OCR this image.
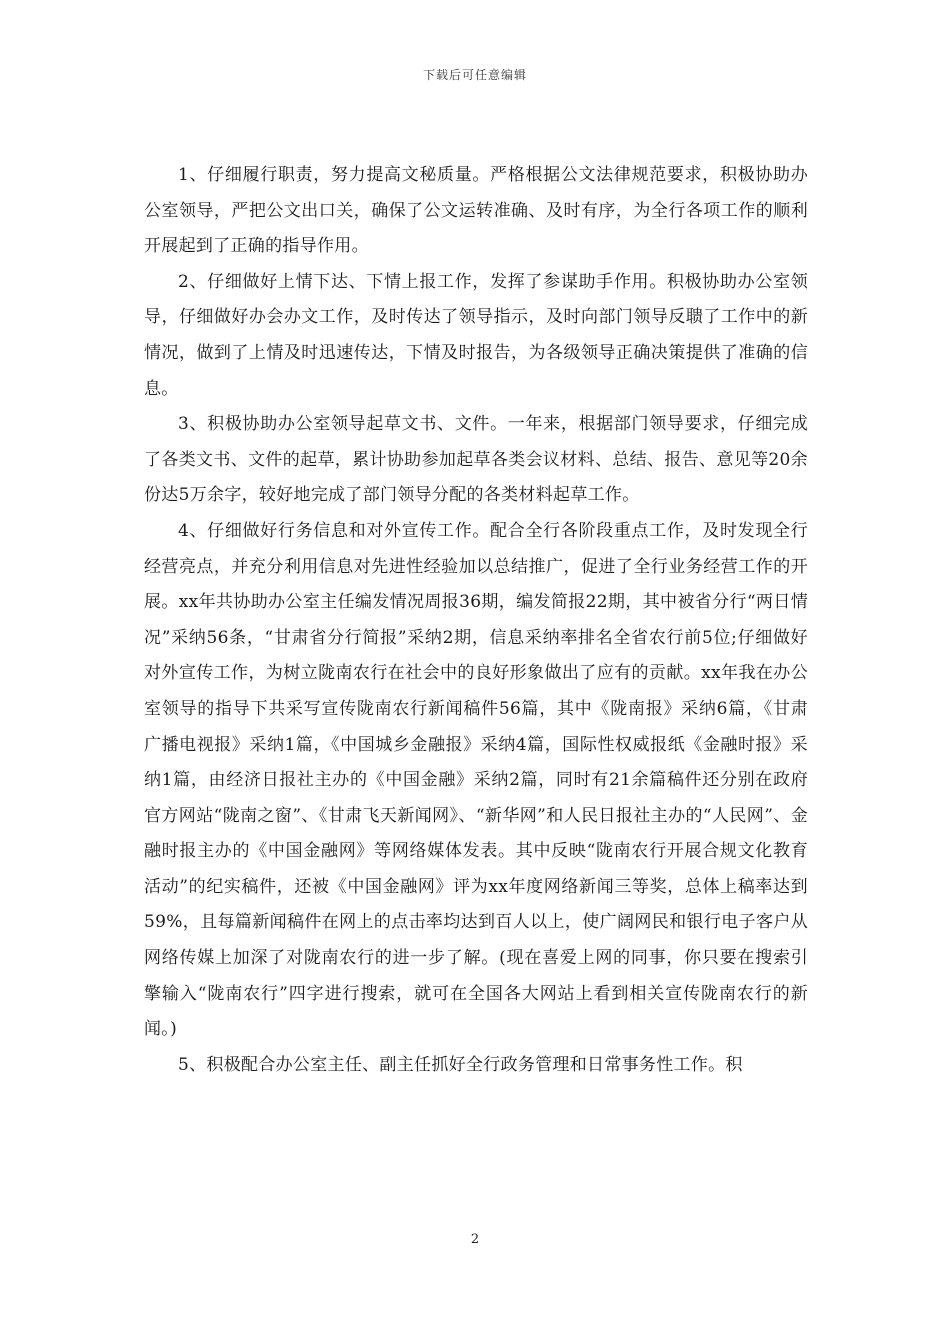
下载后可任意编辑

1、仔细履行职责，努力提高文秘质量。严格根据公文法律规范要求，积极协助办公室领导，严把公文出口关，确保了公文运转准确、及时有序，为全行各项工作的顺利开展起到了正确的指导作用。

2、仔细做好上情下达、下情上报工作，发挥了参谋助手作用。积极协助办公室领导，仔细做好办会办文工作，及时传达了领导指示，及时向部门领导反聩了工作中的新情况，做到了上情及时迅速传达，下情及时报告，为各级领导正确决策提供了准确的信息。

3、积极协助办公室领导起草文书、文件。一年来，根据部门领导要求，仔细完成了各类文书、文件的起草，累计协助参加起草各类会议材料、总结、报告、意见等20余份达5万余字，较好地完成了部门领导分配的各类材料起草工作。

4、仔细做好行务信息和对外宣传工作。配合全行各阶段重点工作，及时发现全行经营亮点，并充分利用信息对先进性经验加以总结推广，促进了全行业务经营工作的开展。xx年共协助办公室主任编发情况周报36期，编发简报22期，其中被省分行“两日情况”采纳56条，“甘肃省分行简报”采纳2期，信息采纳率排名全省农行前5位;仔细做好对外宣传工作，为树立陇南农行在社会中的良好形象做出了应有的贡献。xx年我在办公室领导的指导下共采写宣传陇南农行新闻稿件56篇，其中《陇南报》采纳6篇，《甘肃广播电视报》采纳1篇，《中国城乡金融报》采纳4篇，国际性权威报纸《金融时报》采纳1篇，由经济日报社主办的《中国金融》采纳2篇，同时有21余篇稿件还分别在政府官方网站“陇南之窗”、《甘肃飞天新闻网》、“新华网”和人民日报社主办的“人民网”、金融时报主办的《中国金融网》等网络媒体发表。其中反映“陇南农行开展合规文化教育活动”的纪实稿件，还被《中国金融网》评为xx年度网络新闻三等奖，总体上稿率达到59%，且每篇新闻稿件在网上的点击率均达到百人以上，使广阔网民和银行电子客户从网络传媒上加深了对陇南农行的进一步了解。(现在喜爱上网的同事，你只要在搜索引擎输入“陇南农行”四字进行搜索，就可在全国各大网站上看到相关宣传陇南农行的新闻。)

5、积极配合办公室主任、副主任抓好全行政务管理和日常事务性工作。积

2
